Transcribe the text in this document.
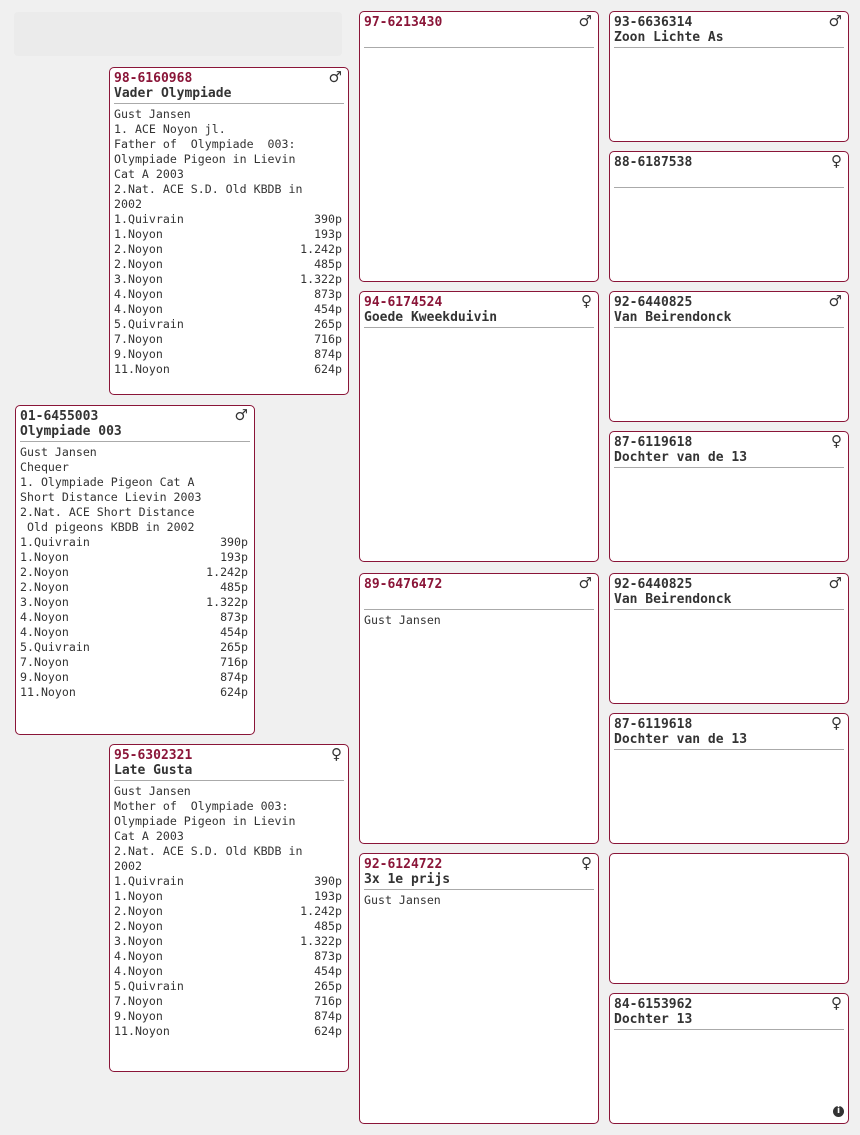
01-6455003
Olympiade 003
♂
Gust Jansen
Chequer
1. Olympiade Pigeon Cat A
Short Distance Lievin 2003
2.Nat. ACE Short Distance
Old pigeons KBDB in 2002
1.Quivrain	390p
1.Noyon	193p
2.Noyon	1.242p
2.Noyon	485p
3.Noyon	1.322p
4.Noyon	873p
4.Noyon	454p
5.Quivrain	265p
7.Noyon	716p
9.Noyon	874p
11.Noyon	624p
98-6160968
Vader Olympiade
♂
Gust Jansen
1. ACE Noyon jl.
Father of  Olympiade  003:
Olympiade Pigeon in Lievin
Cat A 2003
2.Nat. ACE S.D. Old KBDB in
2002
1.Quivrain	390p
1.Noyon	193p
2.Noyon	1.242p
2.Noyon	485p
3.Noyon	1.322p
4.Noyon	873p
4.Noyon	454p
5.Quivrain	265p
7.Noyon	716p
9.Noyon	874p
11.Noyon	624p
95-6302321
Late Gusta
♀
Gust Jansen
Mother of  Olympiade 003:
Olympiade Pigeon in Lievin
Cat A 2003
2.Nat. ACE S.D. Old KBDB in
2002
1.Quivrain	390p
1.Noyon	193p
2.Noyon	1.242p
2.Noyon	485p
3.Noyon	1.322p
4.Noyon	873p
4.Noyon	454p
5.Quivrain	265p
7.Noyon	716p
9.Noyon	874p
11.Noyon	624p
97-6213430	♂
94-6174524
Goede Kweekduivin
♀
89-6476472	♂
Gust Jansen
92-6124722
3x 1e prijs
♀
Gust Jansen
93-6636314
Zoon Lichte As
♂
88-6187538	♀
92-6440825
Van Beirendonck
♂
87-6119618
Dochter van de 13
♀
92-6440825
Van Beirendonck
♂
87-6119618
Dochter van de 13
♀
84-6153962
Dochter 13
♀
i
